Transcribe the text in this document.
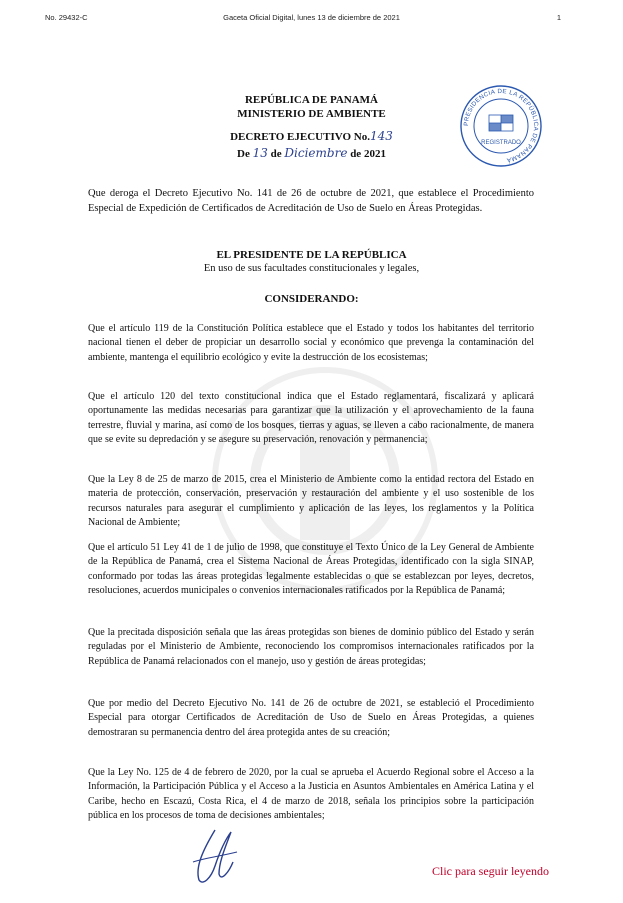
No. 29432-C	Gaceta Oficial Digital, lunes 13 de diciembre de 2021	1
REPÚBLICA DE PANAMÁ
MINISTERIO DE AMBIENTE
DECRETO EJECUTIVO No.143
De 13 de Diciembre de 2021
PRESIDENCIA DE LA REPÚBLICA DE PANAMÁ
REGISTRADO

Que deroga el Decreto Ejecutivo No. 141 de 26 de octubre de 2021, que establece el Procedimiento Especial de Expedición de Certificados de Acreditación de Uso de Suelo en Áreas Protegidas.

EL PRESIDENTE DE LA REPÚBLICA
En uso de sus facultades constitucionales y legales,
CONSIDERANDO:

Que el artículo 119 de la Constitución Política establece que el Estado y todos los habitantes del territorio nacional tienen el deber de propiciar un desarrollo social y económico que prevenga la contaminación del ambiente, mantenga el equilibrio ecológico y evite la destrucción de los ecosistemas;

Que el artículo 120 del texto constitucional indica que el Estado reglamentará, fiscalizará y aplicará oportunamente las medidas necesarias para garantizar que la utilización y el aprovechamiento de la fauna terrestre, fluvial y marina, así como de los bosques, tierras y aguas, se lleven a cabo racionalmente, de manera que se evite su depredación y se asegure su preservación, renovación y permanencia;

Que la Ley 8 de 25 de marzo de 2015, crea el Ministerio de Ambiente como la entidad rectora del Estado en materia de protección, conservación, preservación y restauración del ambiente y el uso sostenible de los recursos naturales para asegurar el cumplimiento y aplicación de las leyes, los reglamentos y la Política Nacional de Ambiente;

Que el artículo 51 Ley 41 de 1 de julio de 1998, que constituye el Texto Único de la Ley General de Ambiente de la República de Panamá, crea el Sistema Nacional de Áreas Protegidas, identificado con la sigla SINAP, conformado por todas las áreas protegidas legalmente establecidas o que se establezcan por leyes, decretos, resoluciones, acuerdos municipales o convenios internacionales ratificados por la República de Panamá;

Que la precitada disposición señala que las áreas protegidas son bienes de dominio público del Estado y serán reguladas por el Ministerio de Ambiente, reconociendo los compromisos internacionales ratificados por la República de Panamá relacionados con el manejo, uso y gestión de áreas protegidas;

Que por medio del Decreto Ejecutivo No. 141 de 26 de octubre de 2021, se estableció el Procedimiento Especial para otorgar Certificados de Acreditación de Uso de Suelo en Áreas Protegidas, a quienes demostraran su permanencia dentro del área protegida antes de su creación;

Que la Ley No. 125 de 4 de febrero de 2020, por la cual se aprueba el Acuerdo Regional sobre el Acceso a la Información, la Participación Pública y el Acceso a la Justicia en Asuntos Ambientales en América Latina y el Caribe, hecho en Escazú, Costa Rica, el 4 de marzo de 2018, señala los principios sobre la participación pública en los procesos de toma de decisiones ambientales;

Clic para seguir leyendo
